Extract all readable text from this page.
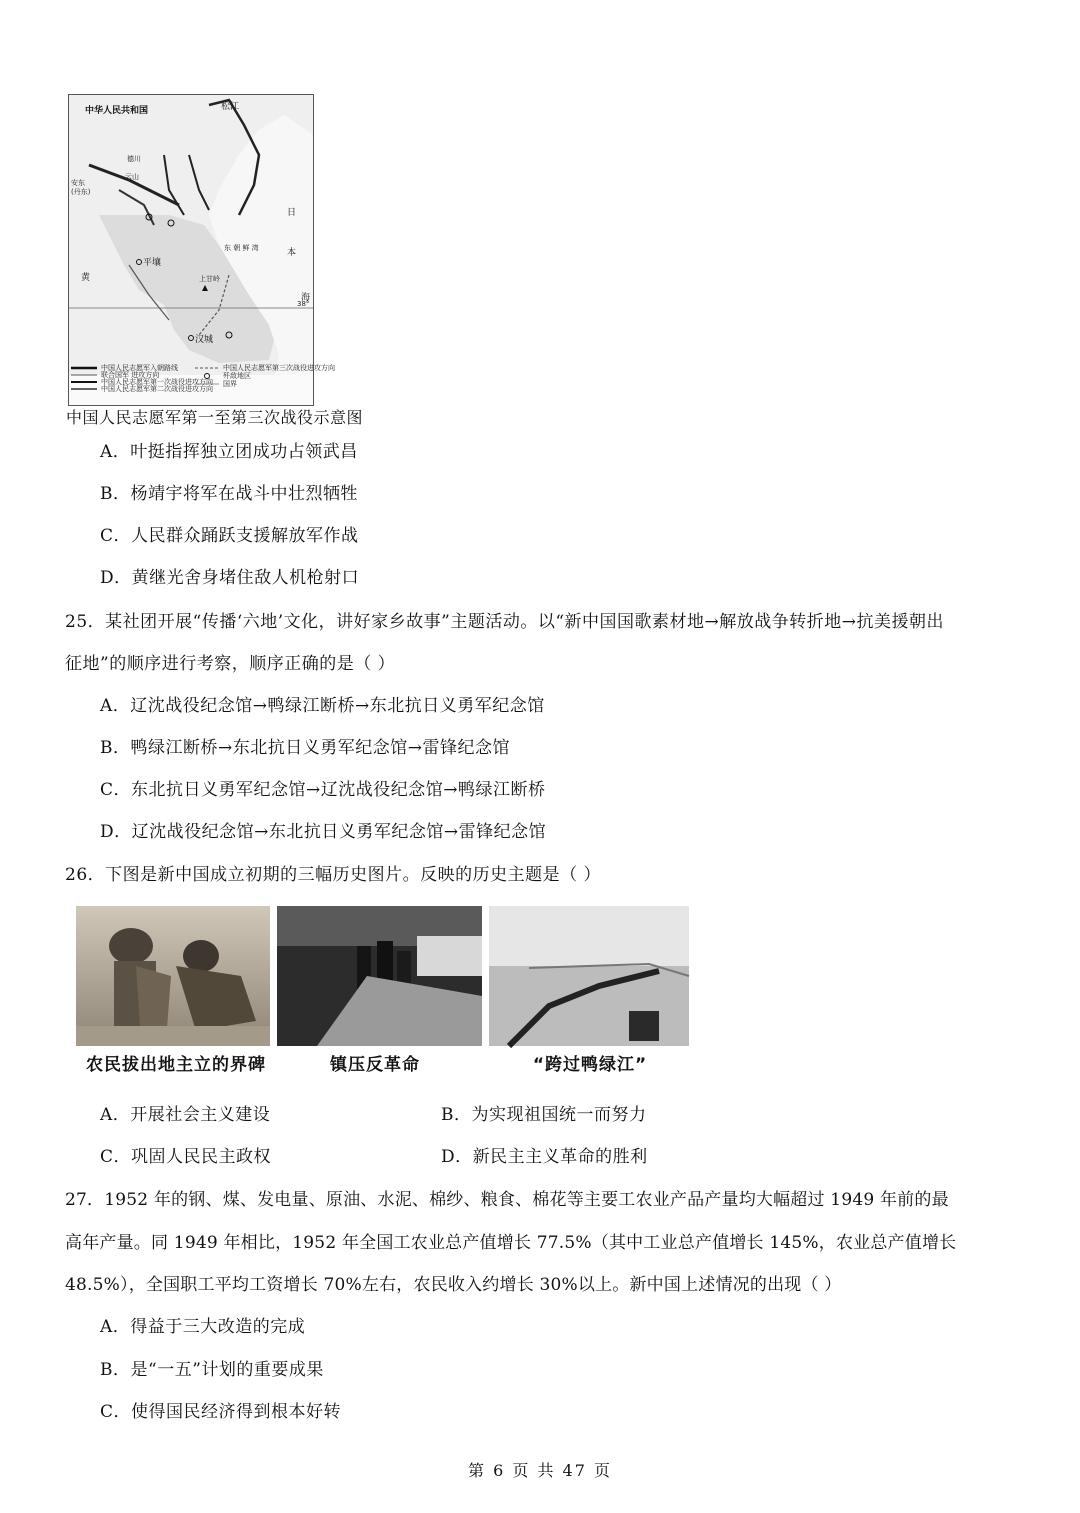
中华人民共和国	松江
德川
云山
安东
(丹东)
平壤
东 朝 鲜 湾
日
本
海
黄
汉城
上甘岭
38°
中国人民志愿军入朝路线
联合国军 进攻方向
中国人民志愿军第一次战役进攻方向
中国人民志愿军第二次战役进攻方向
中国人民志愿军第三次战役进攻方向
歼敌地区
国界
中国人民志愿军第一至第三次战役示意图
A．叶挺指挥独立团成功占领武昌
B．杨靖宇将军在战斗中壮烈牺牲
C．人民群众踊跃支援解放军作战
D．黄继光舍身堵住敌人机枪射口
25．某社团开展“传播‘六地’文化，讲好家乡故事”主题活动。以“新中国国歌素材地→解放战争转折地→抗美援朝出
征地”的顺序进行考察，顺序正确的是（ ）
A．辽沈战役纪念馆→鸭绿江断桥→东北抗日义勇军纪念馆
B．鸭绿江断桥→东北抗日义勇军纪念馆→雷锋纪念馆
C．东北抗日义勇军纪念馆→辽沈战役纪念馆→鸭绿江断桥
D．辽沈战役纪念馆→东北抗日义勇军纪念馆→雷锋纪念馆
26．下图是新中国成立初期的三幅历史图片。反映的历史主题是（ ）
农民拔出地主立的界碑	镇压反革命	“跨过鸭绿江”
A．开展社会主义建设	B．为实现祖国统一而努力
C．巩固人民民主政权	D．新民主主义革命的胜利
27．1952 年的钢、煤、发电量、原油、水泥、棉纱、粮食、棉花等主要工农业产品产量均大幅超过 1949 年前的最
高年产量。同 1949 年相比，1952 年全国工农业总产值增长 77.5%（其中工业总产值增长 145%，农业总产值增长
48.5%），全国职工平均工资增长 70%左右，农民收入约增长 30%以上。新中国上述情况的出现（ ）
A．得益于三大改造的完成
B．是“一五”计划的重要成果
C．使得国民经济得到根本好转
第 6 页 共 47 页
